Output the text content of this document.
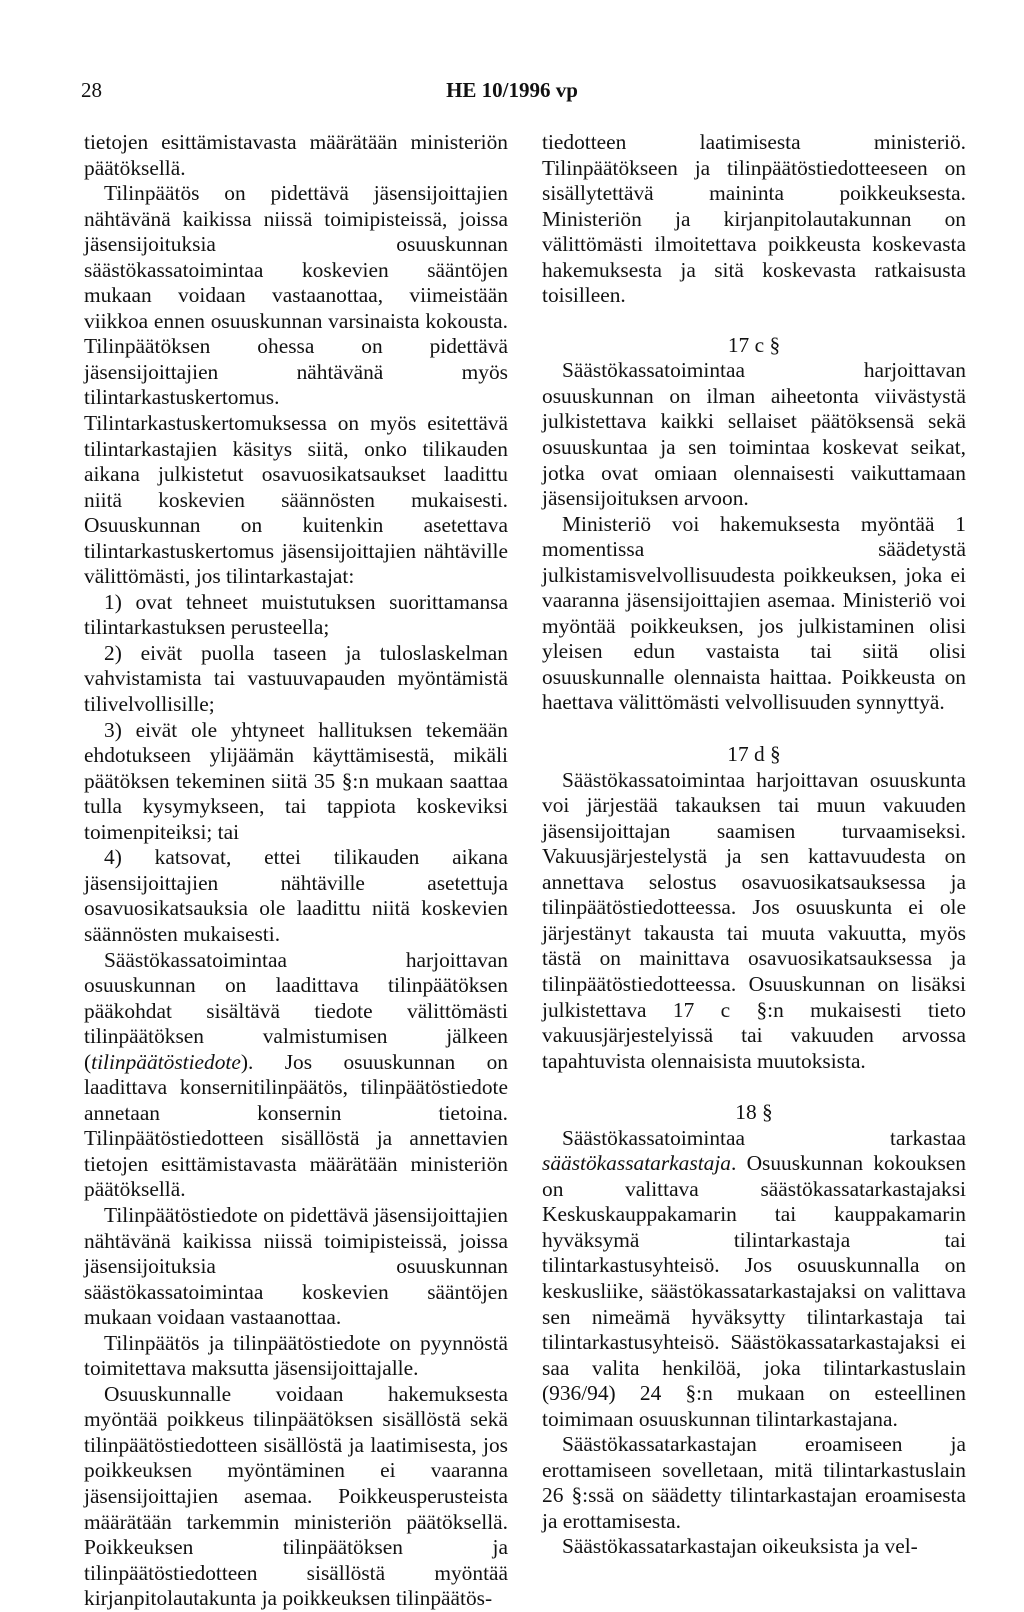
28	HE 10/1996 vp

tietojen esittämistavasta määrätään ministeriön päätöksellä.

Tilinpäätös on pidettävä jäsensijoittajien nähtävänä kaikissa niissä toimipisteissä, joissa jäsensijoituksia osuuskunnan säästökassatoimintaa koskevien sääntöjen mukaan voidaan vastaanottaa, viimeistään viikkoa ennen osuuskunnan varsinaista kokousta. Tilinpäätöksen ohessa on pidettävä jäsensijoittajien nähtävänä myös tilintarkastuskertomus. Tilintarkastuskertomuksessa on myös esitettävä tilintarkastajien käsitys siitä, onko tilikauden aikana julkistetut osavuosikatsaukset laadittu niitä koskevien säännösten mukaisesti. Osuuskunnan on kuitenkin asetettava tilintarkastuskertomus jäsensijoittajien nähtäville välittömästi, jos tilintarkastajat:

1) ovat tehneet muistutuksen suorittamansa tilintarkastuksen perusteella;

2) eivät puolla taseen ja tuloslaskelman vahvistamista tai vastuuvapauden myöntämistä tilivelvollisille;

3) eivät ole yhtyneet hallituksen tekemään ehdotukseen ylijäämän käyttämisestä, mikäli päätöksen tekeminen siitä 35 §:n mukaan saattaa tulla kysymykseen, tai tappiota koskeviksi toimenpiteiksi; tai

4) katsovat, ettei tilikauden aikana jäsensijoittajien nähtäville asetettuja osavuosikatsauksia ole laadittu niitä koskevien säännösten mukaisesti.

Säästökassatoimintaa harjoittavan osuuskunnan on laadittava tilinpäätöksen pääkohdat sisältävä tiedote välittömästi tilinpäätöksen valmistumisen jälkeen (tilinpäätöstiedote). Jos osuuskunnan on laadittava konsernitilinpäätös, tilinpäätöstiedote annetaan konsernin tietoina. Tilinpäätöstiedotteen sisällöstä ja annettavien tietojen esittämistavasta määrätään ministeriön päätöksellä.

Tilinpäätöstiedote on pidettävä jäsensijoittajien nähtävänä kaikissa niissä toimipisteissä, joissa jäsensijoituksia osuuskunnan säästökassatoimintaa koskevien sääntöjen mukaan voidaan vastaanottaa.

Tilinpäätös ja tilinpäätöstiedote on pyynnöstä toimitettava maksutta jäsensijoittajalle.

Osuuskunnalle voidaan hakemuksesta myöntää poikkeus tilinpäätöksen sisällöstä sekä tilinpäätöstiedotteen sisällöstä ja laatimisesta, jos poikkeuksen myöntäminen ei vaaranna jäsensijoittajien asemaa. Poikkeusperusteista määrätään tarkemmin ministeriön päätöksellä. Poikkeuksen tilinpäätöksen ja tilinpäätöstiedotteen sisällöstä myöntää kirjanpitolautakunta ja poikkeuksen tilinpäätös-

tiedotteen laatimisesta ministeriö. Tilinpäätökseen ja tilinpäätöstiedotteeseen on sisällytettävä maininta poikkeuksesta. Ministeriön ja kirjanpitolautakunnan on välittömästi ilmoitettava poikkeusta koskevasta hakemuksesta ja sitä koskevasta ratkaisusta toisilleen.

17 c §

Säästökassatoimintaa harjoittavan osuuskunnan on ilman aiheetonta viivästystä julkistettava kaikki sellaiset päätöksensä sekä osuuskuntaa ja sen toimintaa koskevat seikat, jotka ovat omiaan olennaisesti vaikuttamaan jäsensijoituksen arvoon.

Ministeriö voi hakemuksesta myöntää 1 momentissa säädetystä julkistamisvelvollisuudesta poikkeuksen, joka ei vaaranna jäsensijoittajien asemaa. Ministeriö voi myöntää poikkeuksen, jos julkistaminen olisi yleisen edun vastaista tai siitä olisi osuuskunnalle olennaista haittaa. Poikkeusta on haettava välittömästi velvollisuuden synnyttyä.

17 d §

Säästökassatoimintaa harjoittavan osuuskunta voi järjestää takauksen tai muun vakuuden jäsensijoittajan saamisen turvaamiseksi. Vakuusjärjestelystä ja sen kattavuudesta on annettava selostus osavuosikatsauksessa ja tilinpäätöstiedotteessa. Jos osuuskunta ei ole järjestänyt takausta tai muuta vakuutta, myös tästä on mainittava osavuosikatsauksessa ja tilinpäätöstiedotteessa. Osuuskunnan on lisäksi julkistettava 17 c §:n mukaisesti tieto vakuusjärjestelyissä tai vakuuden arvossa tapahtuvista olennaisista muutoksista.

18 §

Säästökassatoimintaa tarkastaa säästökassatarkastaja. Osuuskunnan kokouksen on valittava säästökassatarkastajaksi Keskuskauppakamarin tai kauppakamarin hyväksymä tilintarkastaja tai tilintarkastusyhteisö. Jos osuuskunnalla on keskusliike, säästökassatarkastajaksi on valittava sen nimeämä hyväksytty tilintarkastaja tai tilintarkastusyhteisö. Säästökassatarkastajaksi ei saa valita henkilöä, joka tilintarkastuslain (936/94) 24 §:n mukaan on esteellinen toimimaan osuuskunnan tilintarkastajana.

Säästökassatarkastajan eroamiseen ja erottamiseen sovelletaan, mitä tilintarkastuslain 26 §:ssä on säädetty tilintarkastajan eroamisesta ja erottamisesta.

Säästökassatarkastajan oikeuksista ja vel-
